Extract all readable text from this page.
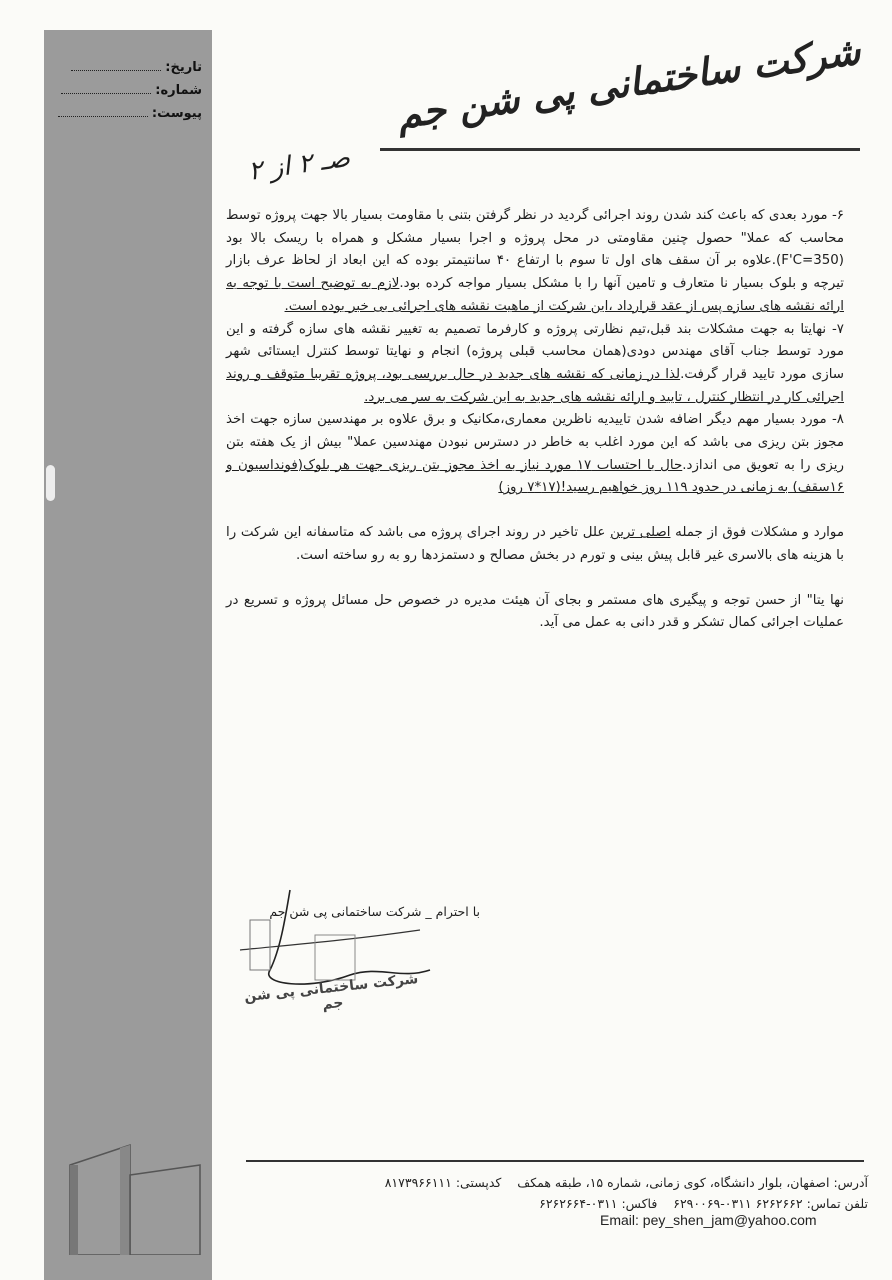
تاریخ:
شماره:
پیوست:	شرکت ساختمانی پی شن جم
صـ ۲ از ۲

۶- مورد بعدی که باعث کند شدن روند اجرائی گردید در نظر گرفتن بتنی با مقاومت بسیار بالا جهت پروژه توسط محاسب که عملا" حصول چنین مقاومتی در محل پروژه و اجرا بسیار مشکل و همراه با ریسک بالا بود (F'C=350).علاوه بر آن سقف های اول تا سوم با ارتفاع ۴۰ سانتیمتر بوده که این ابعاد از لحاظ عرف بازار تیرچه و بلوک بسیار نا متعارف و تامین آنها را با مشکل بسیار مواجه کرده بود.لازم به توضیح است با توجه به ارائه نقشه های سازه پس از عقد قرارداد ،این شرکت از ماهیت نقشه های اجرائی بی خبر بوده است.

۷- نهایتا به جهت مشکلات بند قبل،تیم نظارتی پروژه و کارفرما تصمیم به تغییر نقشه های سازه گرفته و این مورد توسط جناب آقای مهندس دودی(همان محاسب قبلی پروژه) انجام و نهایتا توسط کنترل ایستائی شهر سازی مورد تایید قرار گرفت.لذا در زمانی که نقشه های جدید در حال بررسی بود، پروژه تقریبا متوقف و روند اجرائی کار در انتظار کنترل ، تایید و ارائه نقشه های جدید به این شرکت به سر می برد.

۸- مورد بسیار مهم دیگر اضافه شدن تاییدیه ناظرین معماری،مکانیک و برق علاوه بر مهندسین سازه جهت اخذ مجوز بتن ریزی می باشد که این مورد اغلب به خاطر در دسترس نبودن مهندسین عملا" بیش از یک هفته بتن ریزی را به تعویق می اندازد.حال با احتساب ۱۷ مورد نیاز به اخذ مجوز بتن ریزی جهت هر بلوک(فونداسیون و ۱۶سقف) به زمانی در حدود ۱۱۹ روز خواهیم رسید!(۱۷*۷ روز)

موارد و مشکلات فوق از جمله اصلی ترین علل تاخیر در روند اجرای پروژه می باشد که متاسفانه این شرکت را با هزینه های بالاسری غیر قابل پیش بینی و تورم در بخش مصالح و دستمزدها رو به رو ساخته است.

نها یتا" از حسن توجه و پیگیری های مستمر و بجای آن هیئت مدیره در خصوص حل مسائل پروژه و تسریع در عملیات اجرائی کمال تشکر و قدر دانی به عمل می آید.

با احترام _ شرکت ساختمانی پی شن جم
شرکت ساختمانی پی شن جم
آدرس: اصفهان، بلوار دانشگاه، کوی زمانی، شماره ۱۵، طبقه همکف    کدپستی: ۸۱۷۳۹۶۶۱۱۱
تلفن تماس: ۶۲۶۲۶۶۲ ۰۳۱۱-۶۲۹۰۰۶۹    فاکس: ۰۳۱۱-۶۲۶۲۶۶۴
Email: pey_shen_jam@yahoo.com
